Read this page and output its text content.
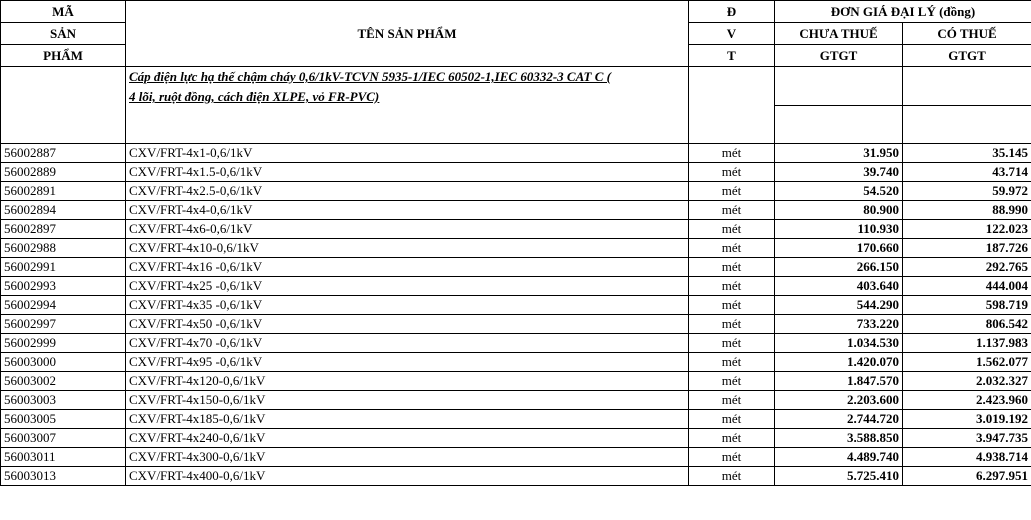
MÃ	TÊN SẢN PHẨM	Đ	ĐƠN GIÁ ĐẠI LÝ (đồng)	
SẢN		V	CHƯA THUẾ	CÓ THUẾ
PHẨM		T	GTGT	GTGT
	Cáp điện lực hạ thế chậm cháy 0,6/1kV-TCVN 5935-1/IEC 60502-1,IEC 60332-3 CAT C (
4 lõi, ruột đồng, cách điện XLPE, vỏ FR-PVC)		

56002887	CXV/FRT-4x1-0,6/1kV	mét	31.950	35.145
56002889	CXV/FRT-4x1.5-0,6/1kV	mét	39.740	43.714
56002891	CXV/FRT-4x2.5-0,6/1kV	mét	54.520	59.972
56002894	CXV/FRT-4x4-0,6/1kV	mét	80.900	88.990
56002897	CXV/FRT-4x6-0,6/1kV	mét	110.930	122.023
56002988	CXV/FRT-4x10-0,6/1kV	mét	170.660	187.726
56002991	CXV/FRT-4x16 -0,6/1kV	mét	266.150	292.765
56002993	CXV/FRT-4x25 -0,6/1kV	mét	403.640	444.004
56002994	CXV/FRT-4x35 -0,6/1kV	mét	544.290	598.719
56002997	CXV/FRT-4x50 -0,6/1kV	mét	733.220	806.542
56002999	CXV/FRT-4x70 -0,6/1kV	mét	1.034.530	1.137.983
56003000	CXV/FRT-4x95 -0,6/1kV	mét	1.420.070	1.562.077
56003002	CXV/FRT-4x120-0,6/1kV	mét	1.847.570	2.032.327
56003003	CXV/FRT-4x150-0,6/1kV	mét	2.203.600	2.423.960
56003005	CXV/FRT-4x185-0,6/1kV	mét	2.744.720	3.019.192
56003007	CXV/FRT-4x240-0,6/1kV	mét	3.588.850	3.947.735
56003011	CXV/FRT-4x300-0,6/1kV	mét	4.489.740	4.938.714
56003013	CXV/FRT-4x400-0,6/1kV	mét	5.725.410	6.297.951
